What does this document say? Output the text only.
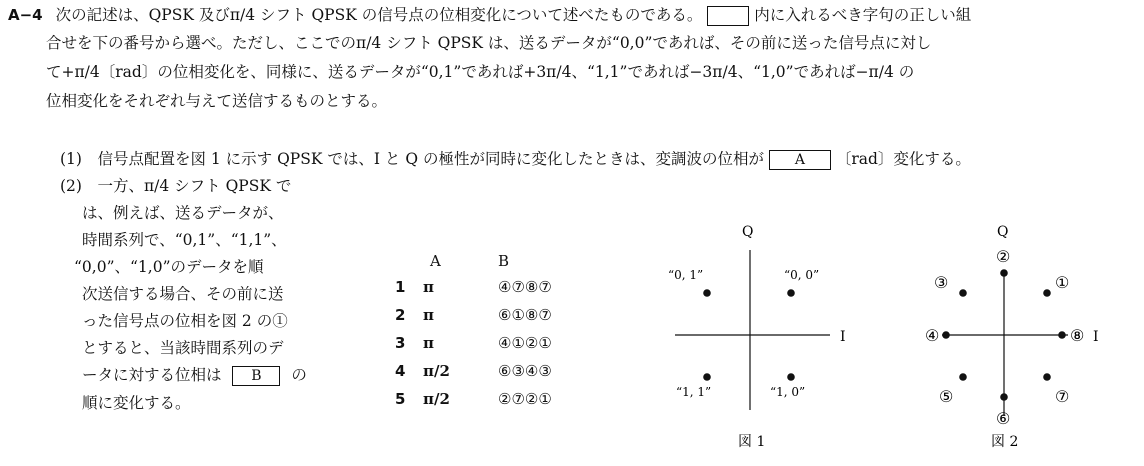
A−4 次の記述は、QPSK 及びπ/4 シフト QPSK の信号点の位相変化について述べたものである。	内に入れるべき字句の正しい組
合せを下の番号から選べ。ただし、ここでのπ/4 シフト QPSK は、送るデータが“0,0”であれば、その前に送った信号点に対し
て+π/4〔rad〕の位相変化を、同様に、送るデータが“0,1”であれば+3π/4、“1,1”であれば−3π/4、“1,0”であれば−π/4 の
位相変化をそれぞれ与えて送信するものとする。
(1)　信号点配置を図 1 に示す QPSK では、I と Q の極性が同時に変化したときは、変調波の位相が A 〔rad〕変化する。
(2)　一方、π/4 シフト QPSK で
は、例えば、送るデータが、
時間系列で、“0,1”、“1,1”、
“0,0”、“1,0”のデータを順
次送信する場合、その前に送
った信号点の位相を図 2 の①
とすると、当該時間系列のデ
ータに対する位相は B の
順に変化する。
A	B
1 π	④⑦⑧⑦
2 π	⑥①⑧⑦
3 π	④①②①
4 π/2	⑥③④③
5 π/2	②⑦②①
Q
I
“0, 1”	“0, 0”
“1, 1”	“1, 0”
図 1
Q
I
①
②
③
④
⑤
⑥
⑦
⑧
図 2
